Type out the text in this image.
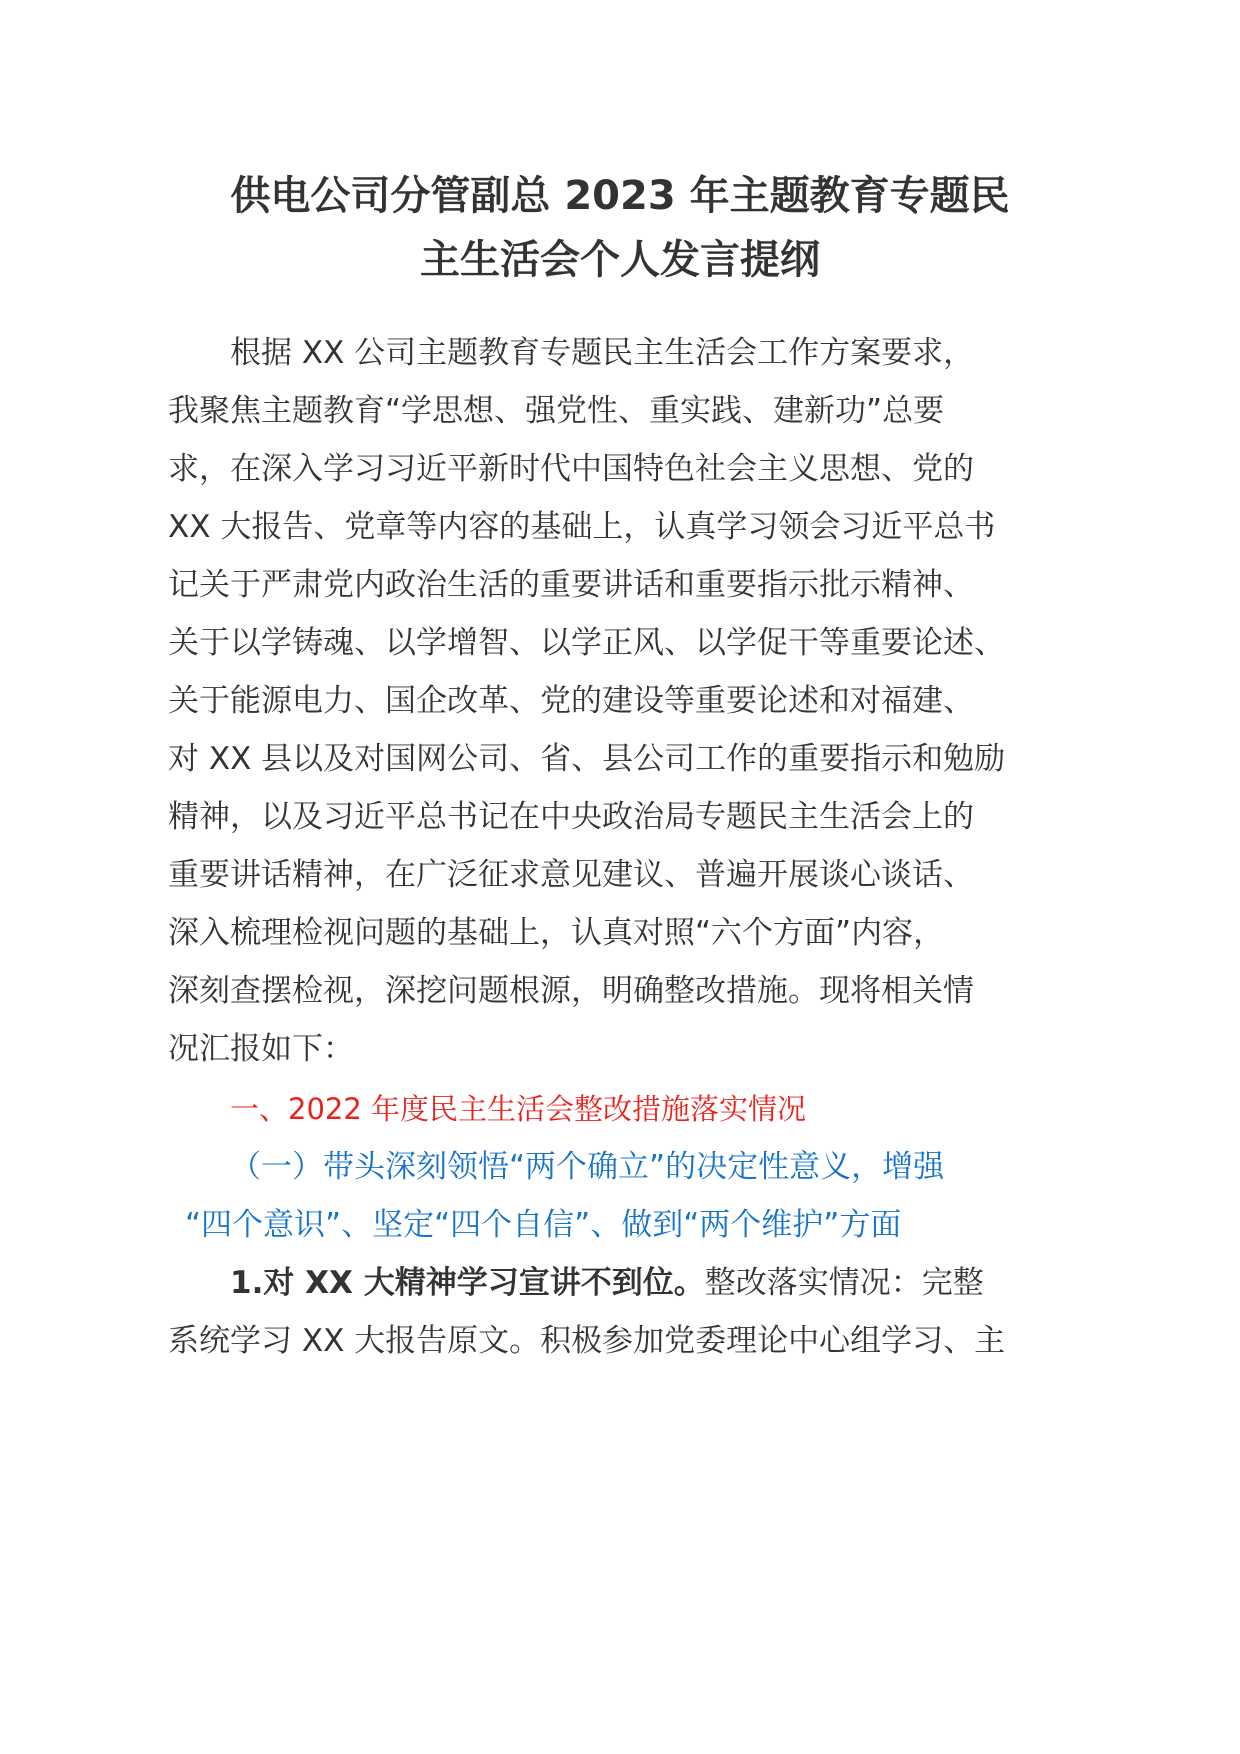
供电公司分管副总 2023 年主题教育专题民
主生活会个人发言提纲
根据 XX 公司主题教育专题民主生活会工作方案要求，
我聚焦主题教育“学思想、强党性、重实践、建新功”总要
求，在深入学习习近平新时代中国特色社会主义思想、党的
XX 大报告、党章等内容的基础上，认真学习领会习近平总书
记关于严肃党内政治生活的重要讲话和重要指示批示精神、
关于以学铸魂、以学增智、以学正风、以学促干等重要论述、
关于能源电力、国企改革、党的建设等重要论述和对福建、
对 XX 县以及对国网公司、省、县公司工作的重要指示和勉励
精神，以及习近平总书记在中央政治局专题民主生活会上的
重要讲话精神，在广泛征求意见建议、普遍开展谈心谈话、
深入梳理检视问题的基础上，认真对照“六个方面”内容，
深刻查摆检视，深挖问题根源，明确整改措施。现将相关情
况汇报如下：
一、2022 年度民主生活会整改措施落实情况
（一）带头深刻领悟“两个确立”的决定性意义，增强
“四个意识”、坚定“四个自信”、做到“两个维护”方面
1.对 XX 大精神学习宣讲不到位。整改落实情况：完整
系统学习 XX 大报告原文。积极参加党委理论中心组学习、主
